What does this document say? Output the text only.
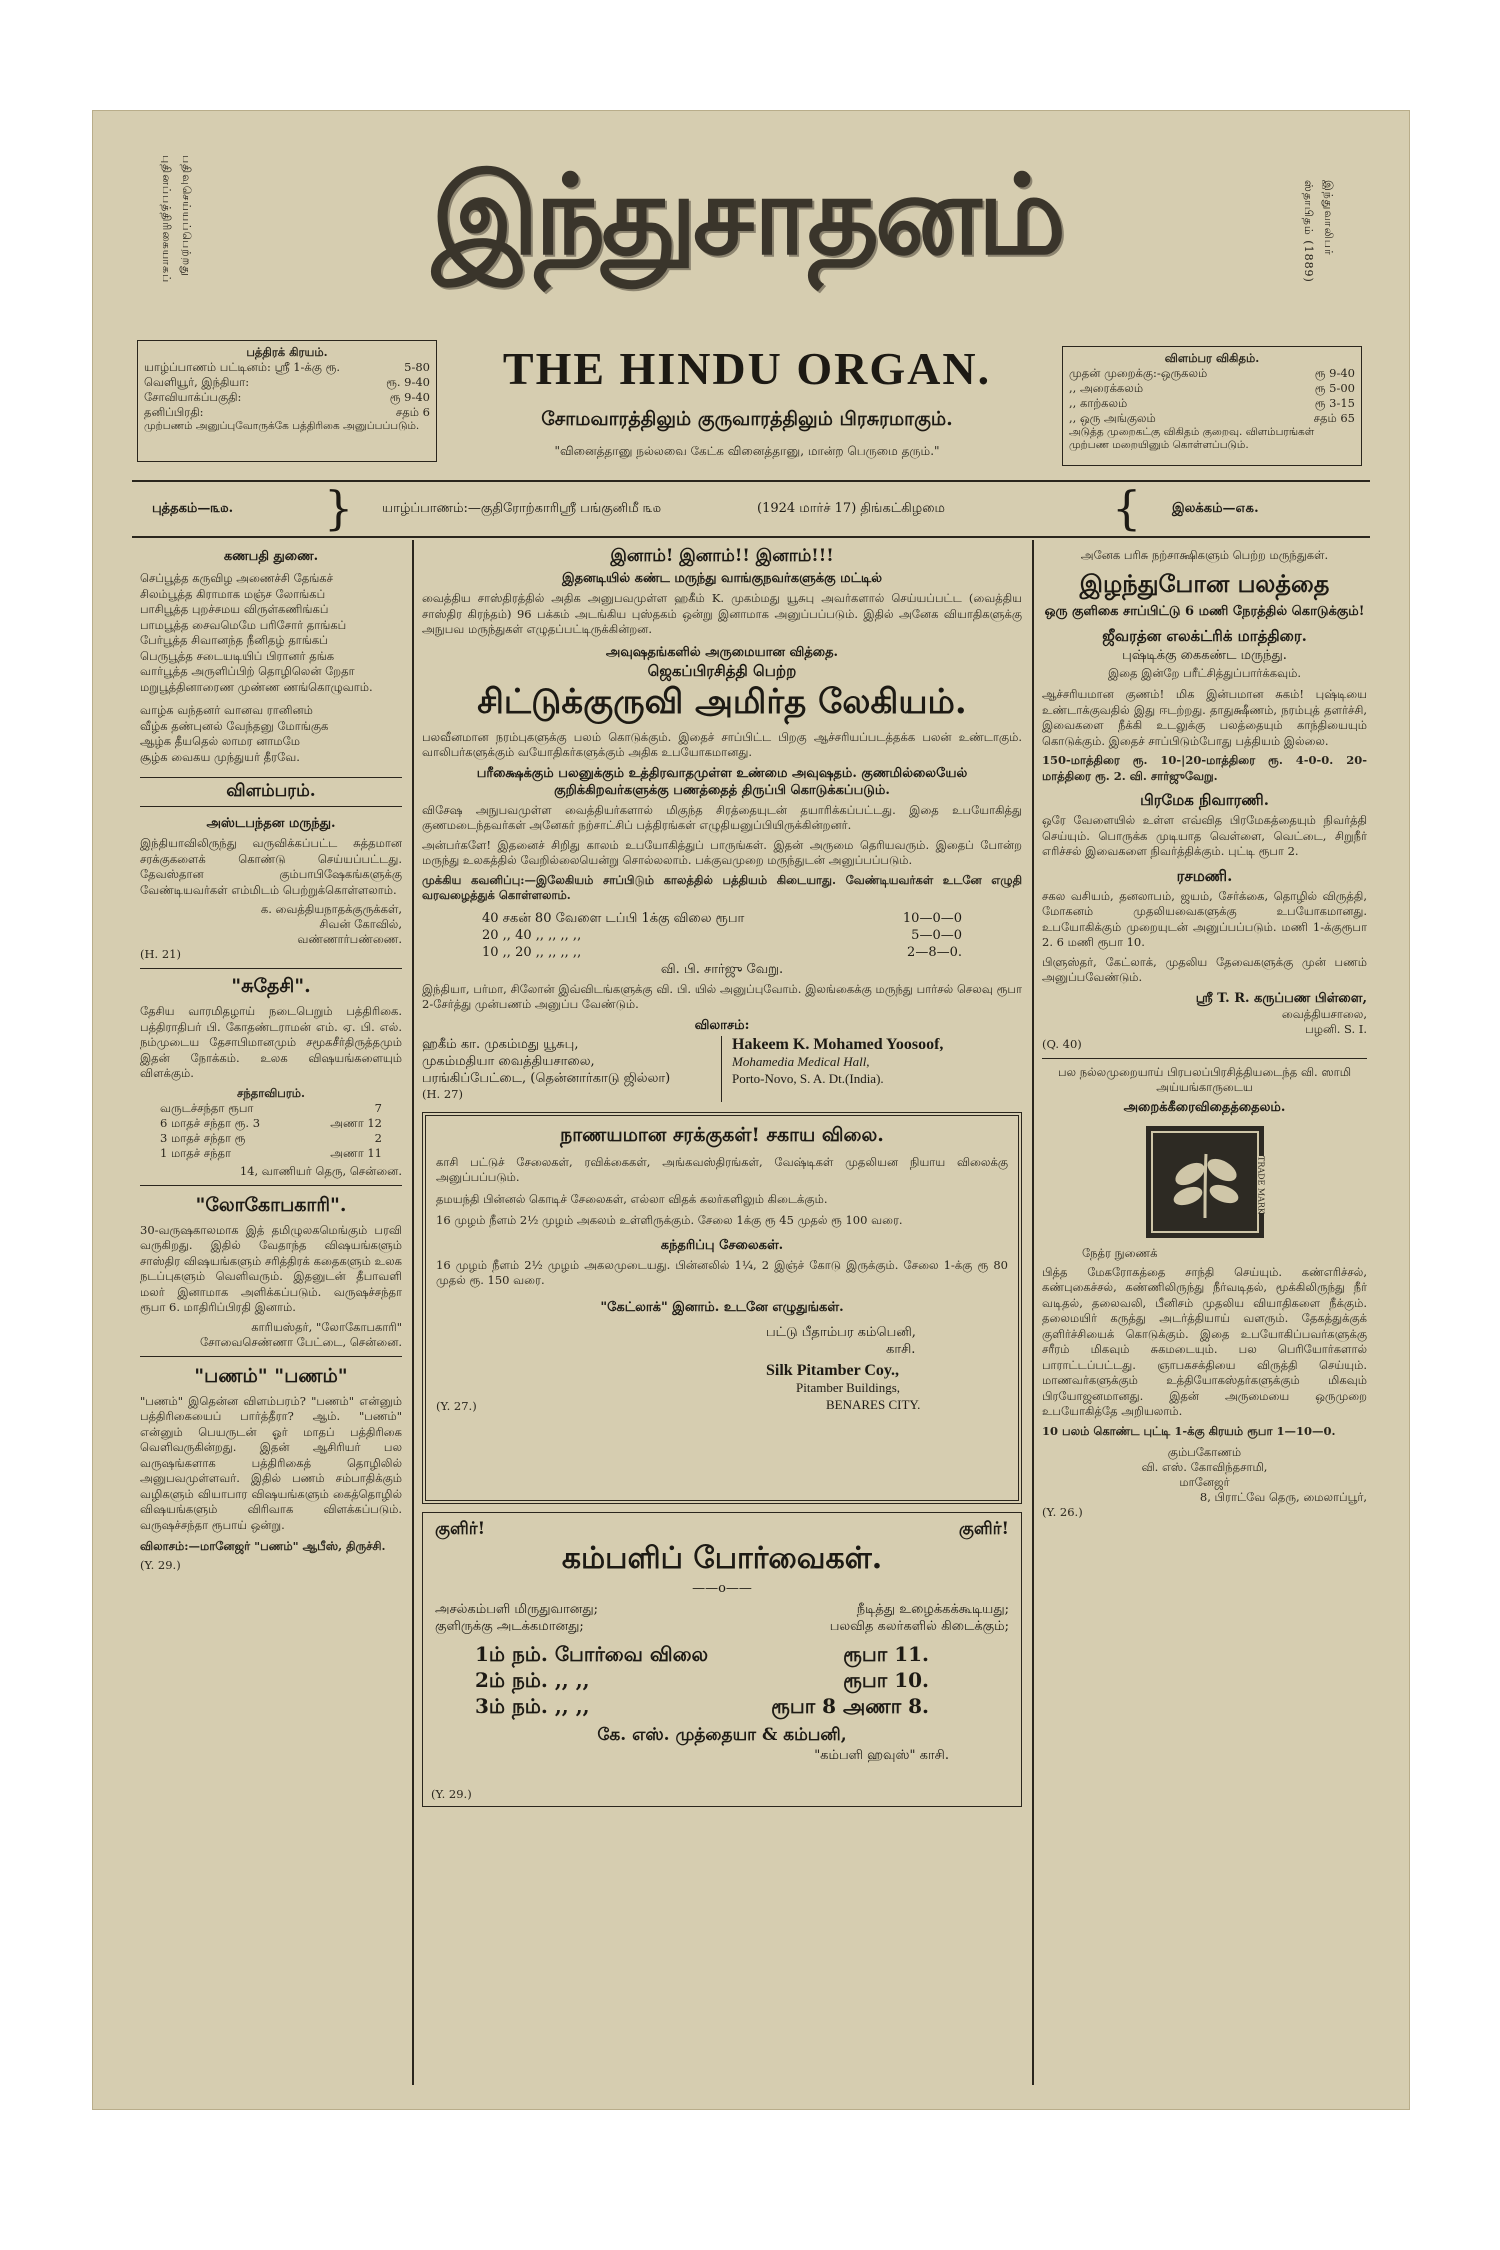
புதினப்பத்திரிகையாகப் பதிவுசெய்யப்பெற்றது	ஸ்தாபிதம் (1889) இந்துவாலிபர்
இந்துசாதனம்
பத்திரக் கிரயம்.
யாழ்ப்பாணம் பட்டினம்: ஸ்ரீ 1-க்கு ரூ.	5-80
வெளியூர், இந்தியா:	ரூ. 9-40
சோவியாக்ப்பகுதி:	ரூ 9-40
தனிப்பிரதி:	சதம் 6
முற்பணம் அனுப்புவோருக்கே பத்திரிகை அனுப்பப்படும்.
THE HINDU ORGAN.
சோமவாரத்திலும் குருவாரத்திலும் பிரசுரமாகும்.
"வினைத்தானு நல்லவை கேட்க வினைத்தானு, மான்ற பெருமை தரும்."
விளம்பர விகிதம்.
முதன் முறைக்கு:-ஒருகலம்	ரூ 9-40
,, அரைக்கலம்	ரூ 5-00
,, காற்கலம்	ரூ 3-15
,, ஒரு அங்குலம்	சதம் 65
அடுத்த முறைகட்கு விகிதம் குறைவு. விளம்பரங்கள் முற்பண மறையினும் கொள்ளப்படும்.
புத்தகம்—௩௰. } யாழ்ப்பாணம்:—குதிரோற்காரிஸ்ரீ பங்குனிமீ ௩௰	(1924 மார்ச் 17) திங்கட்கிழமை	{ இலக்கம்—௭௧.
கணபதி துணை.

செப்பூத்த கருவிழ அணைச்சி தேங்கச்

சிலம்பூத்த கிராமாக மஞ்ச லோங்கப்

பாசிபூத்த புறச்சமய விருள்கணிங்கப்

பாமபூத்த சைவமெமே பரிசோர் தாங்கப்

பேர்பூத்த சிவானந்த நீனிதழ் தாங்கப்

பெருபூத்த சடையடியிப் பிரானர் தங்க

வார்பூத்த அருளிப்பிற் தொழிலென் றேதா

மறுபூத்தினாரைண முண்ண ணங்கொழுவாம்.

வாழ்க வந்தனர் வானவ ரானினம்

வீழ்க தண்புனல் வேந்தனு மோங்குக

ஆழ்க தீயதெல் லாமர னாமமே

சூழ்க வைகய முந்துயர் தீரவே.

விளம்பரம்.
அஸ்டபந்தன மருந்து.

இந்தியாவிலிருந்து வருவிக்கப்பட்ட சுத்தமான சரக்குகளைக் கொண்டு செய்யப்பட்டது. தேவஸ்தான கும்பாபிஷேகங்களுக்கு வேண்டியவர்கள் எம்மிடம் பெற்றுக்கொள்ளலாம்.

க. வைத்தியநாதக்குருக்கள்,
சிவன் கோவில்,
வண்ணார்பண்ணை.
(H. 21)
"சுதேசி".

தேசிய வாரமிதழாய் நடைபெறும் பத்திரிகை. பத்திராதிபர் பி. கோதண்டராமன் எம். ஏ. பி. எல். நம்முடைய தேசாபிமானமும் சமூகசீர்திருத்தமும் இதன் நோக்கம். உலக விஷயங்களையும் விளக்கும்.

சந்தாவிபரம்.
வருடச்சந்தா ரூபா	7
6 மாதச் சந்தா ரூ. 3	அணா 12
3 மாதச் சந்தா ரூ	2
1 மாதச் சந்தா	அணா 11
14, வாணியர் தெரு, சென்னை.
"லோகோபகாரி".

30-வருஷகாலமாக இத் தமிழுலகமெங்கும் பரவி வருகிறது. இதில் வேதாந்த விஷயங்களும் சாஸ்திர விஷயங்களும் சரித்திரக் கதைகளும் உலக நடப்புகளும் வெளிவரும். இதனுடன் தீபாவளி மலர் இனாமாக அளிக்கப்படும். வருஷச்சந்தா ரூபா 6. மாதிரிப்பிரதி இனாம்.

காரியஸ்தர், "லோகோபகாரி"
சோவைசெண்ணா பேட்டை, சென்னை.
"பணம்" "பணம்"

"பணம்" இதென்ன விளம்பரம்? "பணம்" என்னும் பத்திரிகையைப் பார்த்தீரா? ஆம். "பணம்" என்னும் பெயருடன் ஓர் மாதப் பத்திரிகை வெளிவருகின்றது. இதன் ஆசிரியர் பல வருஷங்களாக பத்திரிகைத் தொழிலில் அனுபவமுள்ளவர். இதில் பணம் சம்பாதிக்கும் வழிகளும் வியாபார விஷயங்களும் கைத்தொழில் விஷயங்களும் விரிவாக விளக்கப்படும். வருஷச்சந்தா ரூபாய் ஒன்று.

விலாசம்:—மானேஜர் "பணம்" ஆபீஸ், திருச்சி.
(Y. 29.)
இனாம்! இனாம்!! இனாம்!!!
இதனடியில் கண்ட மருந்து வாங்குநவர்களுக்கு மட்டில்

வைத்திய சாஸ்திரத்தில் அதிக அனுபவமுள்ள ஹகீம் K. முகம்மது யூசுபு அவர்களால் செய்யப்பட்ட (வைத்திய சாஸ்திர கிரந்தம்) 96 பக்கம் அடங்கிய புஸ்தகம் ஒன்று இனாமாக அனுப்பப்படும். இதில் அனேக வியாதிகளுக்கு அநுபவ மருந்துகள் எழுதப்பட்டிருக்கின்றன.

அவுஷதங்களில் அருமையான வித்தை.
ஜெகப்பிரசித்தி பெற்ற
சிட்டுக்குருவி அமிர்த லேகியம்.

பலவீனமான நரம்புகளுக்கு பலம் கொடுக்கும். இதைச் சாப்பிட்ட பிறகு ஆச்சரியப்படத்தக்க பலன் உண்டாகும். வாலிபர்களுக்கும் வயோதிகர்களுக்கும் அதிக உபயோகமானது.

பரீக்ஷைக்கும் பலனுக்கும் உத்திரவாதமுள்ள உண்மை அவுஷதம். குணமில்லையேல் குறிக்கிறவர்களுக்கு பணத்தைத் திருப்பி கொடுக்கப்படும்.

விசேஷ அநுபவமுள்ள வைத்தியர்களால் மிகுந்த சிரத்தையுடன் தயாரிக்கப்பட்டது. இதை உபயோகித்து குணமடைந்தவர்கள் அனேகர் நற்சாட்சிப் பத்திரங்கள் எழுதியனுப்பியிருக்கின்றனர்.

அன்பர்களே! இதனைச் சிறிது காலம் உபயோகித்துப் பாருங்கள். இதன் அருமை தெரியவரும். இதைப் போன்ற மருந்து உலகத்தில் வேறில்லையென்று சொல்லலாம். பக்குவமுறை மருந்துடன் அனுப்பப்படும்.

முக்கிய கவனிப்பு:—இலேகியம் சாப்பிடும் காலத்தில் பத்தியம் கிடையாது. வேண்டியவர்கள் உடனே எழுதி வரவழைத்துக் கொள்ளலாம்.

40 சகன் 80 வேளை டப்பி 1க்கு விலை ரூபா	10—0—0
20 ,, 40 ,, ,, ,, ,,	5—0—0
10 ,, 20 ,, ,, ,, ,,	2—8—0.
வி. பி. சார்ஜு வேறு.

இந்தியா, பர்மா, சிலோன் இவ்விடங்களுக்கு வி. பி. யில் அனுப்புவோம். இலங்கைக்கு மருந்து பார்சல் செலவு ரூபா 2-சேர்த்து முன்பணம் அனுப்ப வேண்டும்.

விலாசம்:
ஹகீம் கா. முகம்மது யூசுபு,
முகம்மதியா வைத்தியசாலை,
பரங்கிப்பேட்டை, (தென்னார்காடு ஜில்லா)
(H. 27)
Hakeem K. Mohamed Yoosoof,
Mohamedia Medical Hall,
Porto-Novo, S. A. Dt.(India).
நாணயமான சரக்குகள்! சகாய விலை.

காசி பட்டுச் சேலைகள், ரவிக்கைகள், அங்கவஸ்திரங்கள், வேஷ்டிகள் முதலியன நியாய விலைக்கு அனுப்பப்படும்.

தமயந்தி பின்னல் கொடிச் சேலைகள், எல்லா விதக் கலர்களிலும் கிடைக்கும்.

16 முழம் நீளம் 2½ முழம் அகலம் உள்ளிருக்கும். சேலை 1க்கு ரூ 45 முதல் ரூ 100 வரை.

கந்தரிப்பு சேலைகள்.

16 முழம் நீளம் 2½ முழம் அகலமுடையது. பின்னலில் 1¼, 2 இஞ்ச் கோடு இருக்கும். சேலை 1-க்கு ரூ 80 முதல் ரூ. 150 வரை.

"கேட்லாக்" இனாம். உடனே எழுதுங்கள்.
பட்டு பீதாம்பர கம்பெனி,
காசி.
Silk Pitamber Coy.,
Pitamber Buildings,
BENARES CITY.
(Y. 27.)
குளிர்!	குளிர்!
கம்பளிப் போர்வைகள்.
——o——
அசல்கம்பளி மிருதுவானது;	நீடித்து உழைக்கக்கூடியது;
குளிருக்கு அடக்கமானது;	பலவித கலர்களில் கிடைக்கும்;
1ம் நம். போர்வை விலை	ரூபா 11.
2ம் நம். ,, ,,	ரூபா 10.
3ம் நம். ,, ,,	ரூபா 8 அணா 8.
கே. எஸ். முத்தையா & கம்பனி,
"கம்பளி ஹவுஸ்" காசி.
(Y. 29.)
அனேக பரிசு நற்சாக்ஷிகளும் பெற்ற மருந்துகள்.
இழந்துபோன பலத்தை
ஒரு குளிகை சாப்பிட்டு 6 மணி நேரத்தில் கொடுக்கும்!
ஜீவரத்ன எலக்ட்ரிக் மாத்திரை.
புஷ்டிக்கு கைகண்ட மருந்து.
இதை இன்றே பரீட்சித்துப்பார்க்கவும்.

ஆச்சரியமான குணம்! மிக இன்பமான சுகம்! புஷ்டியை உண்டாக்குவதில் இது ஈடற்றது. தாதுக்ஷீணம், நரம்புத் தளர்ச்சி, இவைகளை நீக்கி உடலுக்கு பலத்தையும் காந்தியையும் கொடுக்கும். இதைச் சாப்பிடும்போது பத்தியம் இல்லை.

150-மாத்திரை ரூ. 10-|20-மாத்திரை ரூ. 4-0-0. 20-மாத்திரை ரூ. 2. வி. சார்ஜுவேறு.

பிரமேக நிவாரணி.

ஒரே வேளையில் உள்ள எவ்வித பிரமேகத்தையும் நிவர்த்தி செய்யும். பொருக்க முடியாத வெள்ளை, வெட்டை, சிறுநீர் எரிச்சல் இவைகளை நிவர்த்திக்கும். புட்டி ரூபா 2.

ரசமணி.

சகல வசியம், தனலாபம், ஜயம், சேர்க்கை, தொழில் விருத்தி, மோகனம் முதலியவைகளுக்கு உபயோகமானது. உபயோகிக்கும் முறையுடன் அனுப்பப்படும். மணி 1-க்குரூபா 2. 6 மணி ரூபா 10.

பிளுஸ்தர், கேட்லாக், முதலிய தேவைகளுக்கு முன் பணம் அனுப்பவேண்டும்.

ஸ்ரீ T. R. கருப்பண பிள்ளை,
வைத்தியசாலை,
பழனி. S. I.
(Q. 40)
பல நல்லமுறையாய் பிரபலப்பிரசித்தியடைந்த வி. ஸாமி அய்யங்காருடைய
அறைக்கீரைவிதைத்தைலம்.
TRADE MARK
நேத்ர நுணைக்

பித்த மேகரோகத்தை சாந்தி செய்யும். கண்எரிச்சல், கண்புகைச்சல், கண்ணிலிருந்து நீர்வடிதல், மூக்கிலிருந்து நீர் வடிதல், தலைவலி, பீனிசம் முதலிய வியாதிகளை நீக்கும். தலைமயிர் கருத்து அடர்த்தியாய் வளரும். தேகத்துக்குக் குளிர்ச்சியைக் கொடுக்கும். இதை உபயோகிப்பவர்களுக்கு சரீரம் மிகவும் சுகமடையும். பல பெரியோர்களால் பாராட்டப்பட்டது. ஞாபகசக்தியை விருத்தி செய்யும். மாணவர்களுக்கும் உத்தியோகஸ்தர்களுக்கும் மிகவும் பிரயோஜனமானது. இதன் அருமையை ஒருமுறை உபயோகித்தே அறியலாம்.

10 பலம் கொண்ட புட்டி 1-க்கு கிரயம் ரூபா 1—10—0.

கும்பகோணம்
வி. எஸ். கோவிந்தசாமி,
மானேஜர்
8, பிராட்வே தெரு, மைலாப்பூர்,
(Y. 26.)
